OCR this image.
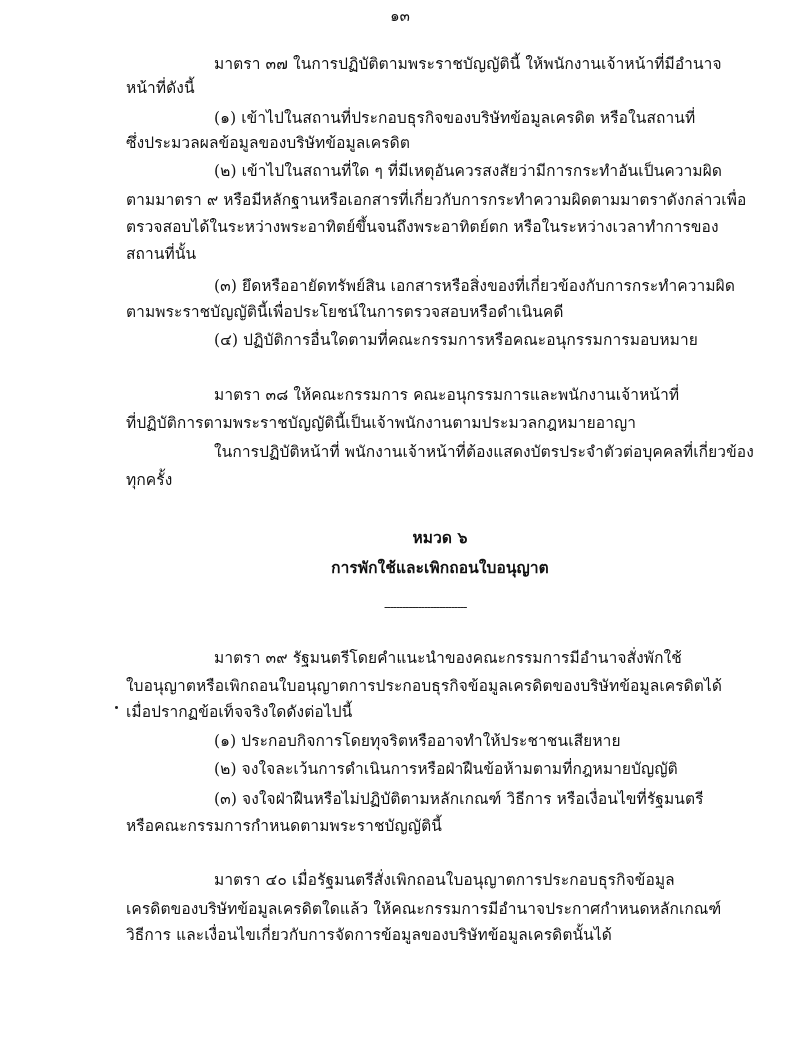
๑๓
มาตรา ๓๗ ในการปฏิบัติตามพระราชบัญญัตินี้ ให้พนักงานเจ้าหน้าที่มีอำนาจ
หน้าที่ดังนี้
(๑) เข้าไปในสถานที่ประกอบธุรกิจของบริษัทข้อมูลเครดิต หรือในสถานที่
ซึ่งประมวลผลข้อมูลของบริษัทข้อมูลเครดิต
(๒) เข้าไปในสถานที่ใด ๆ ที่มีเหตุอันควรสงสัยว่ามีการกระทำอันเป็นความผิด
ตามมาตรา ๙ หรือมีหลักฐานหรือเอกสารที่เกี่ยวกับการกระทำความผิดตามมาตราดังกล่าวเพื่อ
ตรวจสอบได้ในระหว่างพระอาทิตย์ขึ้นจนถึงพระอาทิตย์ตก หรือในระหว่างเวลาทำการของ
สถานที่นั้น
(๓) ยึดหรืออายัดทรัพย์สิน เอกสารหรือสิ่งของที่เกี่ยวข้องกับการกระทำความผิด
ตามพระราชบัญญัตินี้เพื่อประโยชน์ในการตรวจสอบหรือดำเนินคดี
(๔) ปฏิบัติการอื่นใดตามที่คณะกรรมการหรือคณะอนุกรรมการมอบหมาย
มาตรา ๓๘ ให้คณะกรรมการ คณะอนุกรรมการและพนักงานเจ้าหน้าที่
ที่ปฏิบัติการตามพระราชบัญญัตินี้เป็นเจ้าพนักงานตามประมวลกฎหมายอาญา
ในการปฏิบัติหน้าที่ พนักงานเจ้าหน้าที่ต้องแสดงบัตรประจำตัวต่อบุคคลที่เกี่ยวข้อง
ทุกครั้ง
หมวด ๖
การพักใช้และเพิกถอนใบอนุญาต
---------------------------
มาตรา ๓๙ รัฐมนตรีโดยคำแนะนำของคณะกรรมการมีอำนาจสั่งพักใช้
ใบอนุญาตหรือเพิกถอนใบอนุญาตการประกอบธุรกิจข้อมูลเครดิตของบริษัทข้อมูลเครดิตได้
เมื่อปรากฏข้อเท็จจริงใดดังต่อไปนี้
(๑) ประกอบกิจการโดยทุจริตหรืออาจทำให้ประชาชนเสียหาย
(๒) จงใจละเว้นการดำเนินการหรือฝ่าฝืนข้อห้ามตามที่กฎหมายบัญญัติ
(๓) จงใจฝ่าฝืนหรือไม่ปฏิบัติตามหลักเกณฑ์ วิธีการ หรือเงื่อนไขที่รัฐมนตรี
หรือคณะกรรมการกำหนดตามพระราชบัญญัตินี้
มาตรา ๔๐ เมื่อรัฐมนตรีสั่งเพิกถอนใบอนุญาตการประกอบธุรกิจข้อมูล
เครดิตของบริษัทข้อมูลเครดิตใดแล้ว ให้คณะกรรมการมีอำนาจประกาศกำหนดหลักเกณฑ์
วิธีการ และเงื่อนไขเกี่ยวกับการจัดการข้อมูลของบริษัทข้อมูลเครดิตนั้นได้
